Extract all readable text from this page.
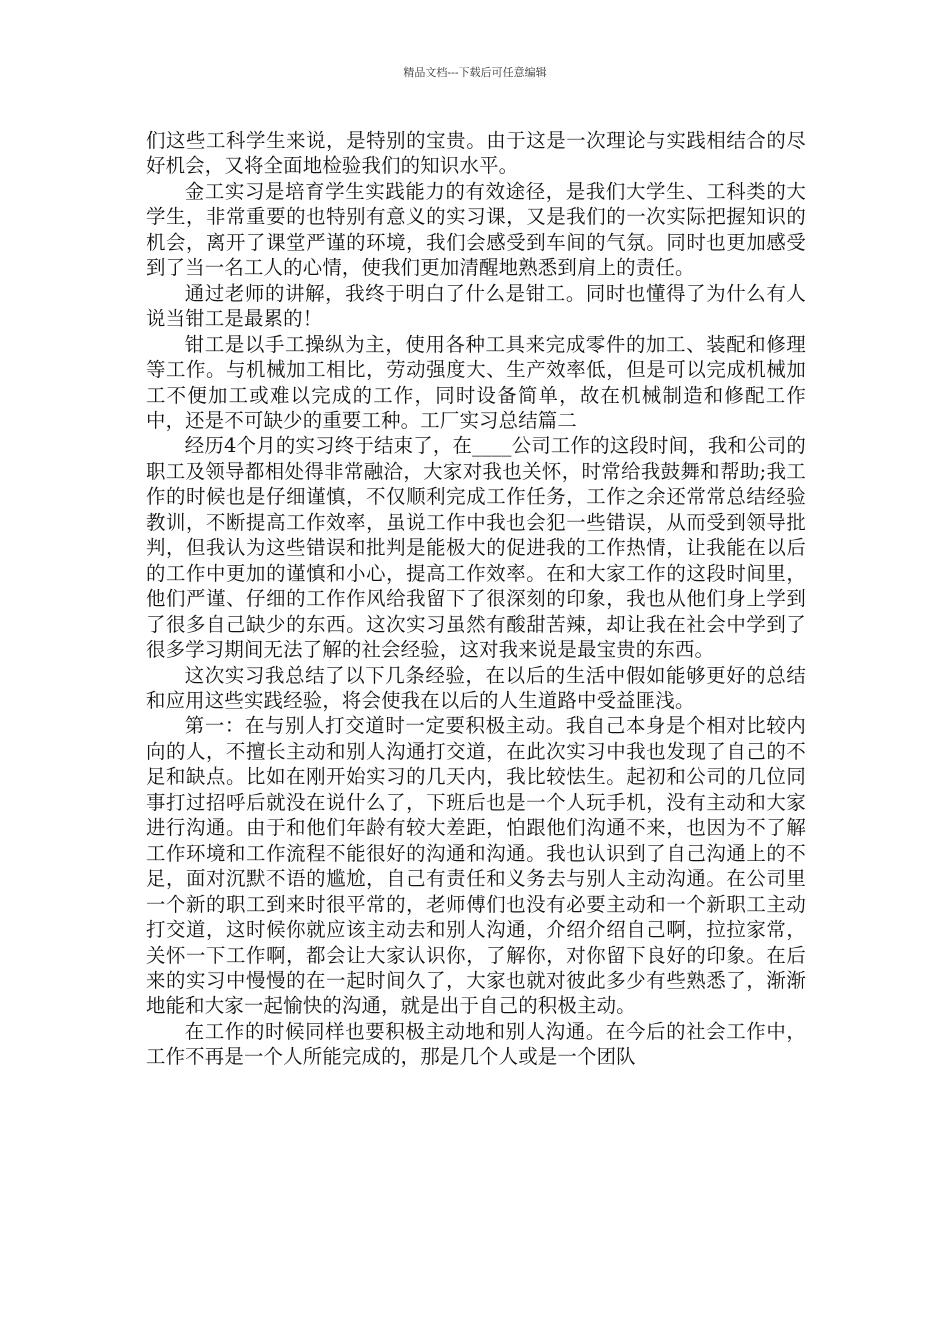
精品文档---下载后可任意编辑

们这些工科学生来说，是特别的宝贵。由于这是一次理论与实践相结合的尽好机会，又将全面地检验我们的知识水平。

金工实习是培育学生实践能力的有效途径，是我们大学生、工科类的大学生，非常重要的也特别有意义的实习课，又是我们的一次实际把握知识的机会，离开了课堂严谨的环境，我们会感受到车间的气氛。同时也更加感受到了当一名工人的心情，使我们更加清醒地熟悉到肩上的责任。

通过老师的讲解，我终于明白了什么是钳工。同时也懂得了为什么有人说当钳工是最累的！

钳工是以手工操纵为主，使用各种工具来完成零件的加工、装配和修理等工作。与机械加工相比，劳动强度大、生产效率低，但是可以完成机械加工不便加工或难以完成的工作，同时设备简单，故在机械制造和修配工作中，还是不可缺少的重要工种。工厂实习总结篇二

经历4个月的实习终于结束了，在____公司工作的这段时间，我和公司的职工及领导都相处得非常融洽，大家对我也关怀，时常给我鼓舞和帮助;我工作的时候也是仔细谨慎，不仅顺利完成工作任务，工作之余还常常总结经验教训，不断提高工作效率，虽说工作中我也会犯一些错误，从而受到领导批判，但我认为这些错误和批判是能极大的促进我的工作热情，让我能在以后的工作中更加的谨慎和小心，提高工作效率。在和大家工作的这段时间里，他们严谨、仔细的工作作风给我留下了很深刻的印象，我也从他们身上学到了很多自己缺少的东西。这次实习虽然有酸甜苦辣，却让我在社会中学到了很多学习期间无法了解的社会经验，这对我来说是最宝贵的东西。

这次实习我总结了以下几条经验，在以后的生活中假如能够更好的总结和应用这些实践经验，将会使我在以后的人生道路中受益匪浅。

第一：在与别人打交道时一定要积极主动。我自己本身是个相对比较内向的人，不擅长主动和别人沟通打交道，在此次实习中我也发现了自己的不足和缺点。比如在刚开始实习的几天内，我比较怯生。起初和公司的几位同事打过招呼后就没在说什么了，下班后也是一个人玩手机，没有主动和大家进行沟通。由于和他们年龄有较大差距，怕跟他们沟通不来，也因为不了解工作环境和工作流程不能很好的沟通和沟通。我也认识到了自己沟通上的不足，面对沉默不语的尴尬，自己有责任和义务去与别人主动沟通。在公司里一个新的职工到来时很平常的，老师傅们也没有必要主动和一个新职工主动打交道，这时候你就应该主动去和别人沟通，介绍介绍自己啊，拉拉家常，关怀一下工作啊，都会让大家认识你，了解你，对你留下良好的印象。在后来的实习中慢慢的在一起时间久了，大家也就对彼此多少有些熟悉了，渐渐地能和大家一起愉快的沟通，就是出于自己的积极主动。

在工作的时候同样也要积极主动地和别人沟通。在今后的社会工作中，工作不再是一个人所能完成的，那是几个人或是一个团队
